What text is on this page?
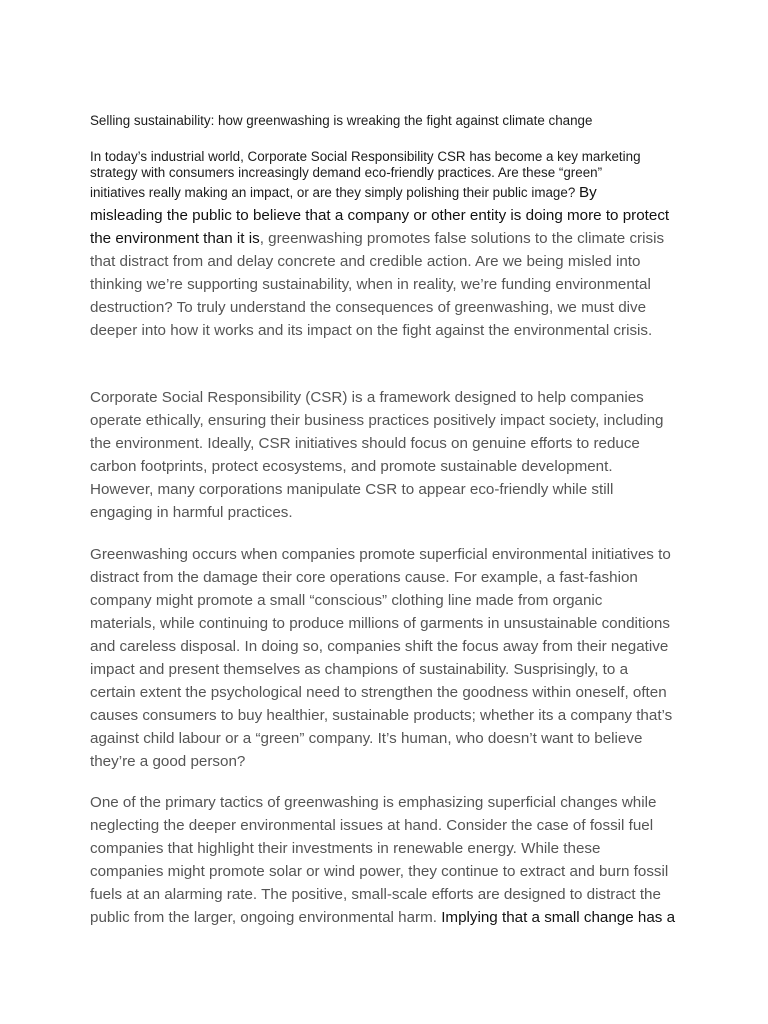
Selling sustainability: how greenwashing is wreaking the fight against climate change
In today’s industrial world, Corporate Social Responsibility CSR has become a key marketing
strategy with consumers increasingly demand eco-friendly practices. Are these “green”
initiatives really making an impact, or are they simply polishing their public image? By
misleading the public to believe that a company or other entity is doing more to protect
the environment than it is, greenwashing promotes false solutions to the climate crisis
that distract from and delay concrete and credible action. Are we being misled into
thinking we’re supporting sustainability, when in reality, we’re funding environmental
destruction? To truly understand the consequences of greenwashing, we must dive
deeper into how it works and its impact on the fight against the environmental crisis.
Corporate Social Responsibility (CSR) is a framework designed to help companies
operate ethically, ensuring their business practices positively impact society, including
the environment. Ideally, CSR initiatives should focus on genuine efforts to reduce
carbon footprints, protect ecosystems, and promote sustainable development.
However, many corporations manipulate CSR to appear eco-friendly while still
engaging in harmful practices.
Greenwashing occurs when companies promote superficial environmental initiatives to
distract from the damage their core operations cause. For example, a fast-fashion
company might promote a small “conscious” clothing line made from organic
materials, while continuing to produce millions of garments in unsustainable conditions
and careless disposal. In doing so, companies shift the focus away from their negative
impact and present themselves as champions of sustainability. Susprisingly, to a
certain extent the psychological need to strengthen the goodness within oneself, often
causes consumers to buy healthier, sustainable products; whether its a company that’s
against child labour or a “green” company. It’s human, who doesn’t want to believe
they’re a good person?
One of the primary tactics of greenwashing is emphasizing superficial changes while
neglecting the deeper environmental issues at hand. Consider the case of fossil fuel
companies that highlight their investments in renewable energy. While these
companies might promote solar or wind power, they continue to extract and burn fossil
fuels at an alarming rate. The positive, small-scale efforts are designed to distract the
public from the larger, ongoing environmental harm. Implying that a small change has a
